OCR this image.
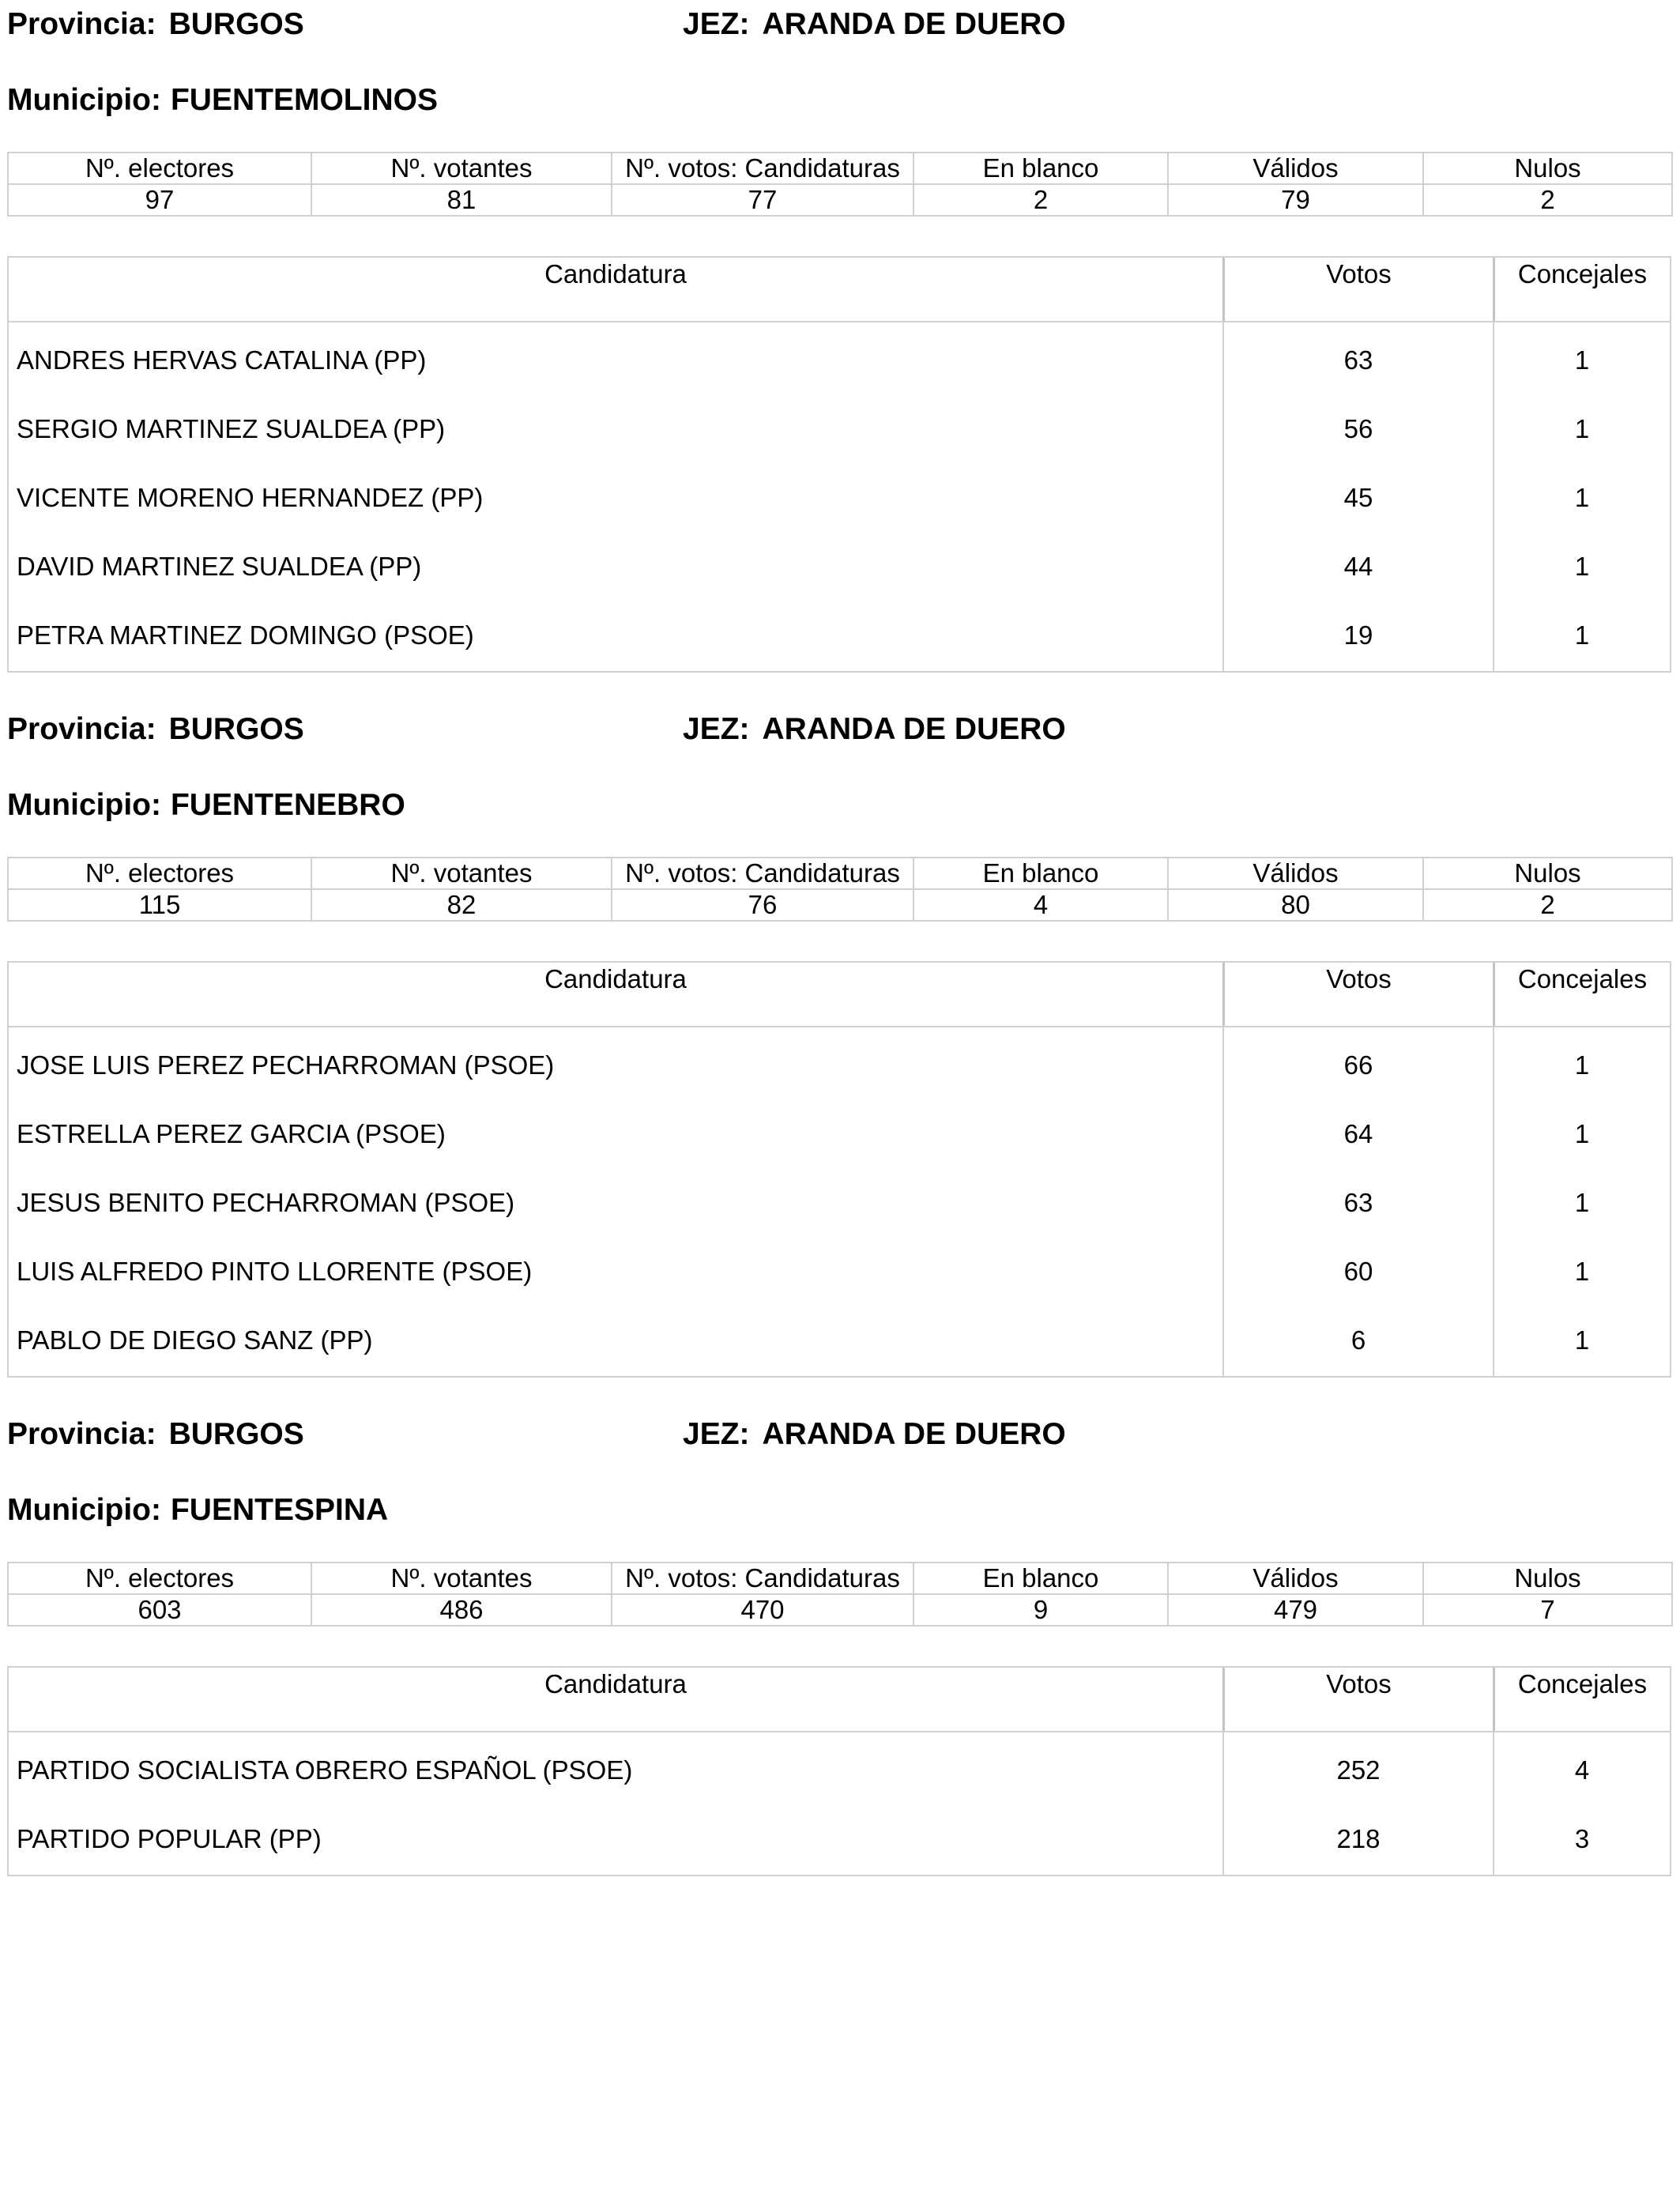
Provincia: BURGOS	JEZ: ARANDA DE DUERO
Municipio: FUENTEMOLINOS
Nº. electores	Nº. votantes	Nº. votos: Candidaturas	En blanco	Válidos	Nulos
97	81	77	2	79	2
Candidatura	Votos	Concejales
ANDRES HERVAS CATALINA (PP)	63	1
SERGIO MARTINEZ SUALDEA (PP)	56	1
VICENTE MORENO HERNANDEZ (PP)	45	1
DAVID MARTINEZ SUALDEA (PP)	44	1
PETRA MARTINEZ DOMINGO (PSOE)	19	1
Provincia: BURGOS	JEZ: ARANDA DE DUERO
Municipio: FUENTENEBRO
Nº. electores	Nº. votantes	Nº. votos: Candidaturas	En blanco	Válidos	Nulos
115	82	76	4	80	2
Candidatura	Votos	Concejales
JOSE LUIS PEREZ PECHARROMAN (PSOE)	66	1
ESTRELLA PEREZ GARCIA (PSOE)	64	1
JESUS BENITO PECHARROMAN (PSOE)	63	1
LUIS ALFREDO PINTO LLORENTE (PSOE)	60	1
PABLO DE DIEGO SANZ (PP)	6	1
Provincia: BURGOS	JEZ: ARANDA DE DUERO
Municipio: FUENTESPINA
Nº. electores	Nº. votantes	Nº. votos: Candidaturas	En blanco	Válidos	Nulos
603	486	470	9	479	7
Candidatura	Votos	Concejales
PARTIDO SOCIALISTA OBRERO ESPAÑOL (PSOE)	252	4
PARTIDO POPULAR (PP)	218	3
